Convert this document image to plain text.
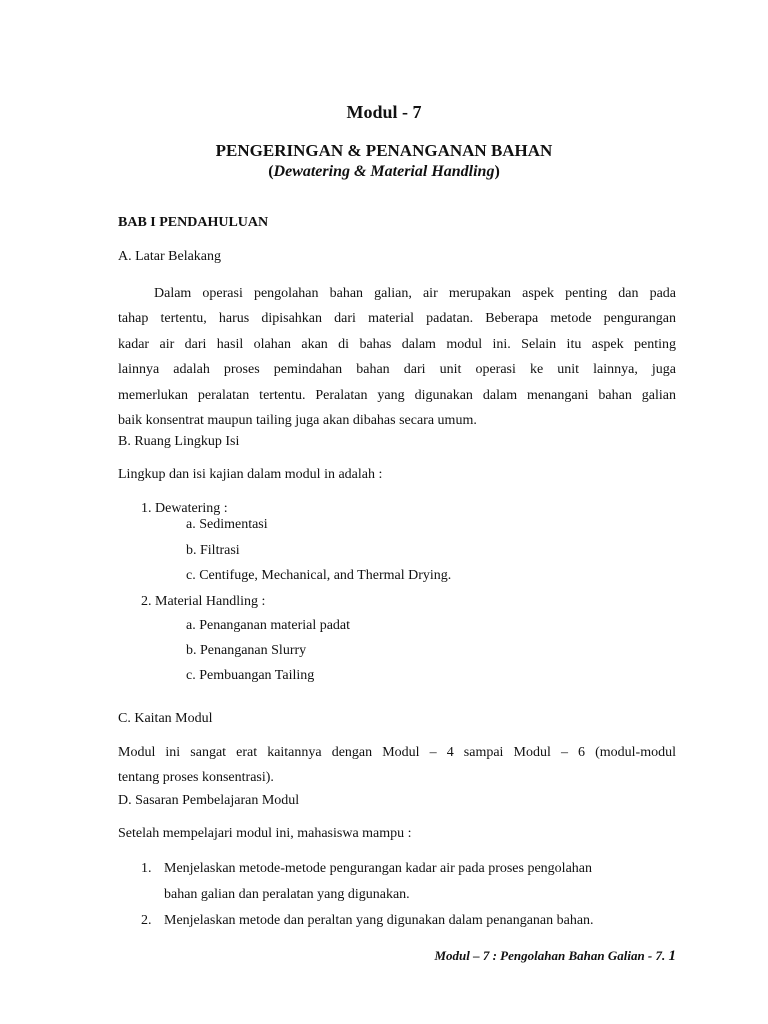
Modul - 7
PENGERINGAN & PENANGANAN BAHAN
(Dewatering & Material Handling)
BAB I PENDAHULUAN
A. Latar Belakang
Dalam operasi pengolahan bahan galian, air merupakan aspek penting dan pada
tahap tertentu, harus dipisahkan dari material padatan. Beberapa metode pengurangan
kadar air dari hasil olahan akan di bahas dalam modul ini. Selain itu aspek penting
lainnya adalah proses pemindahan bahan dari unit operasi ke unit lainnya, juga
memerlukan peralatan tertentu. Peralatan yang digunakan dalam menangani bahan galian
baik konsentrat maupun tailing juga akan dibahas secara umum.
B. Ruang Lingkup Isi
Lingkup dan isi kajian dalam modul in adalah :
1. Dewatering :
a. Sedimentasi
b. Filtrasi
c. Centifuge, Mechanical, and Thermal Drying.
2. Material Handling :
a. Penanganan material padat
b. Penanganan Slurry
c. Pembuangan Tailing
C. Kaitan Modul
Modul ini sangat erat kaitannya dengan Modul – 4 sampai Modul – 6 (modul-modul
tentang proses konsentrasi).
D. Sasaran Pembelajaran Modul
Setelah mempelajari modul ini, mahasiswa mampu :
1. Menjelaskan metode-metode pengurangan kadar air pada proses pengolahan
bahan galian dan peralatan yang digunakan.
2. Menjelaskan metode dan peraltan yang digunakan dalam penanganan bahan.
Modul – 7 : Pengolahan Bahan Galian - 7. 1
